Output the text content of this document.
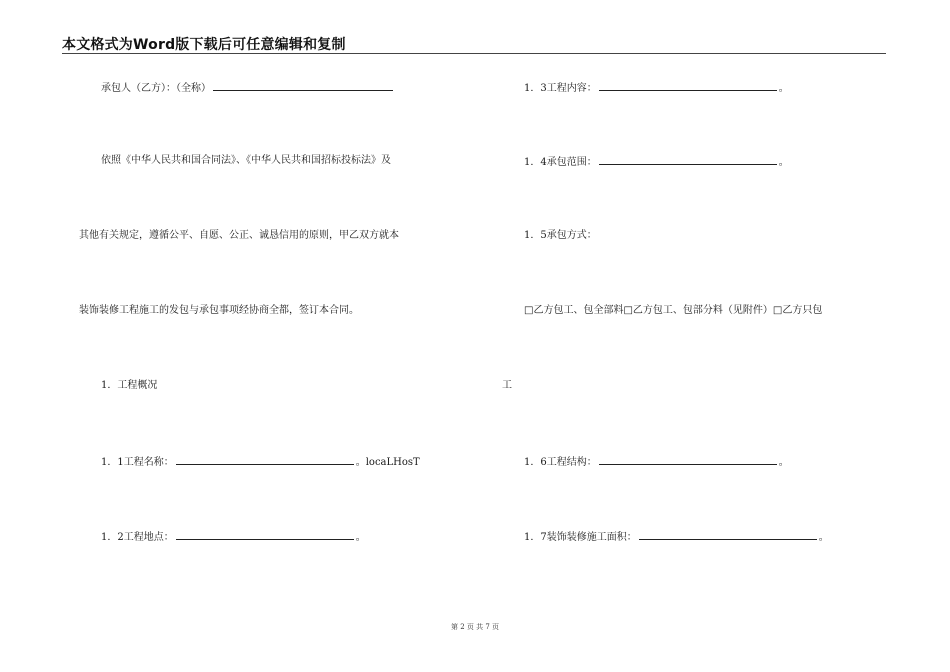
本文格式为Word版下载后可任意编辑和复制
承包人（乙方）：（全称）
依照《中华人民共和国合同法》、《中华人民共和国招标投标法》及
其他有关规定，遵循公平、自愿、公正、诚恳信用的原则，甲乙双方就本
装饰装修工程施工的发包与承包事项经协商全都，签订本合同。
1．工程概况
1．1工程名称：	。locaLHosT
1．2工程地点：	。
1．3工程内容：	。
1．4承包范围：	。
1．5承包方式：
□乙方包工、包全部料□乙方包工、包部分料（见附件）□乙方只包
工
1．6工程结构：	。
1．7装饰装修施工面积：	。
第 2 页 共 7 页
